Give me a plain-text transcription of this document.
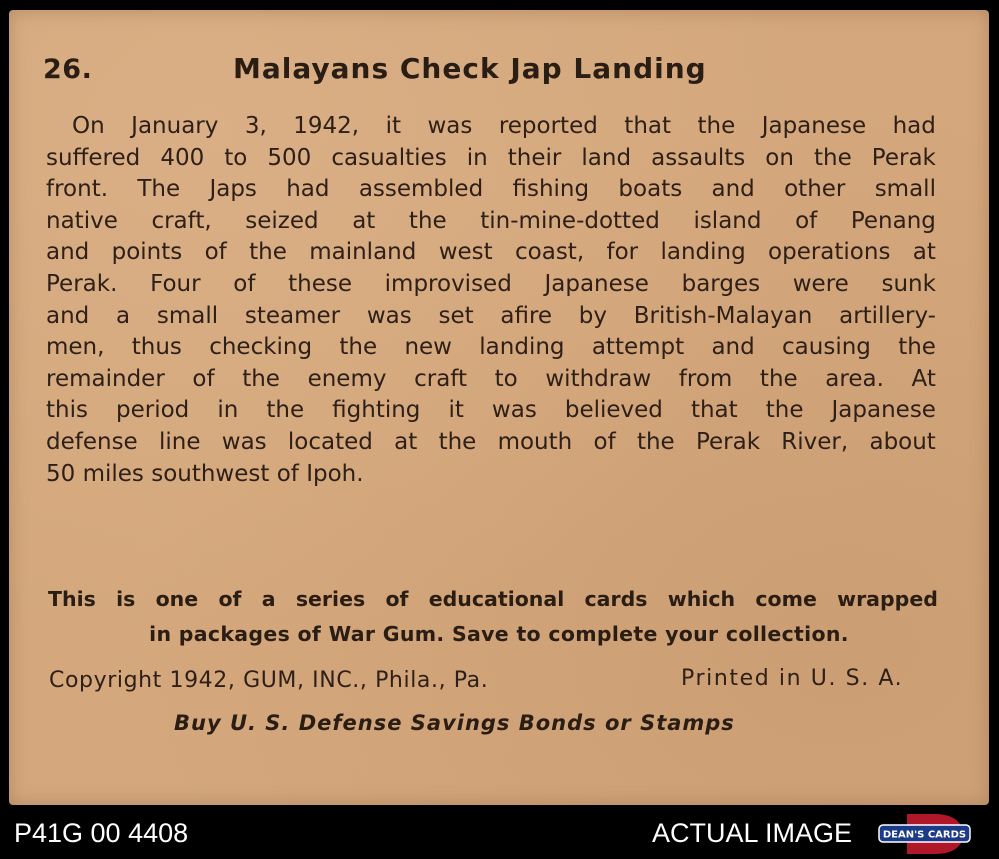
26.	Malayans Check Jap Landing
On January 3, 1942, it was reported that the Japanese had
suffered 400 to 500 casualties in their land assaults on the Perak
front. The Japs had assembled fishing boats and other small
native craft, seized at the tin-mine-dotted island of Penang
and points of the mainland west coast, for landing operations at
Perak. Four of these improvised Japanese barges were sunk
and a small steamer was set afire by British-Malayan artillery-
men, thus checking the new landing attempt and causing the
remainder of the enemy craft to withdraw from the area. At
this period in the fighting it was believed that the Japanese
defense line was located at the mouth of the Perak River, about
50 miles southwest of Ipoh.
This is one of a series of educational cards which come wrapped
in packages of War Gum. Save to complete your collection.
Copyright 1942, GUM, INC., Phila., Pa.	Printed in U. S. A.
Buy U. S. Defense Savings Bonds or Stamps
P41G 00 4408	ACTUAL IMAGE	DEAN'S CARDS
